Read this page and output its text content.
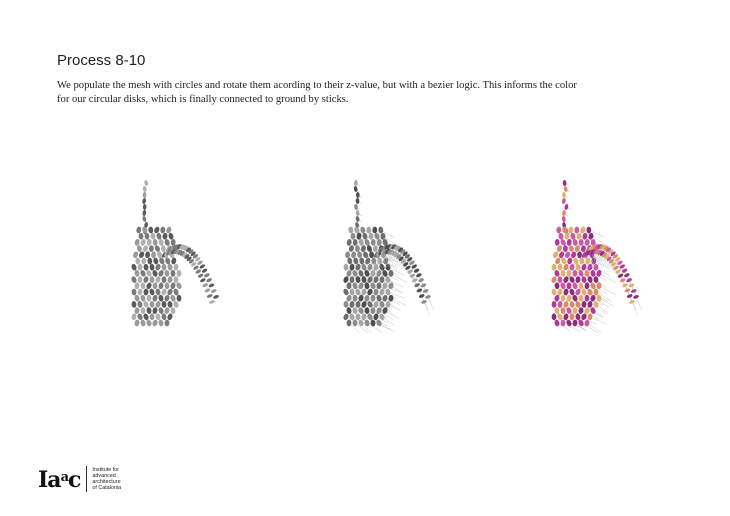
Process 8-10
We populate the mesh with circles and rotate them acording to their z-value, but with a bezier logic. This informs the color
for our circular disks, which is finally connected to ground by sticks.
Ia$^a$c Institute for
advanced
architecture
of Catalonia
